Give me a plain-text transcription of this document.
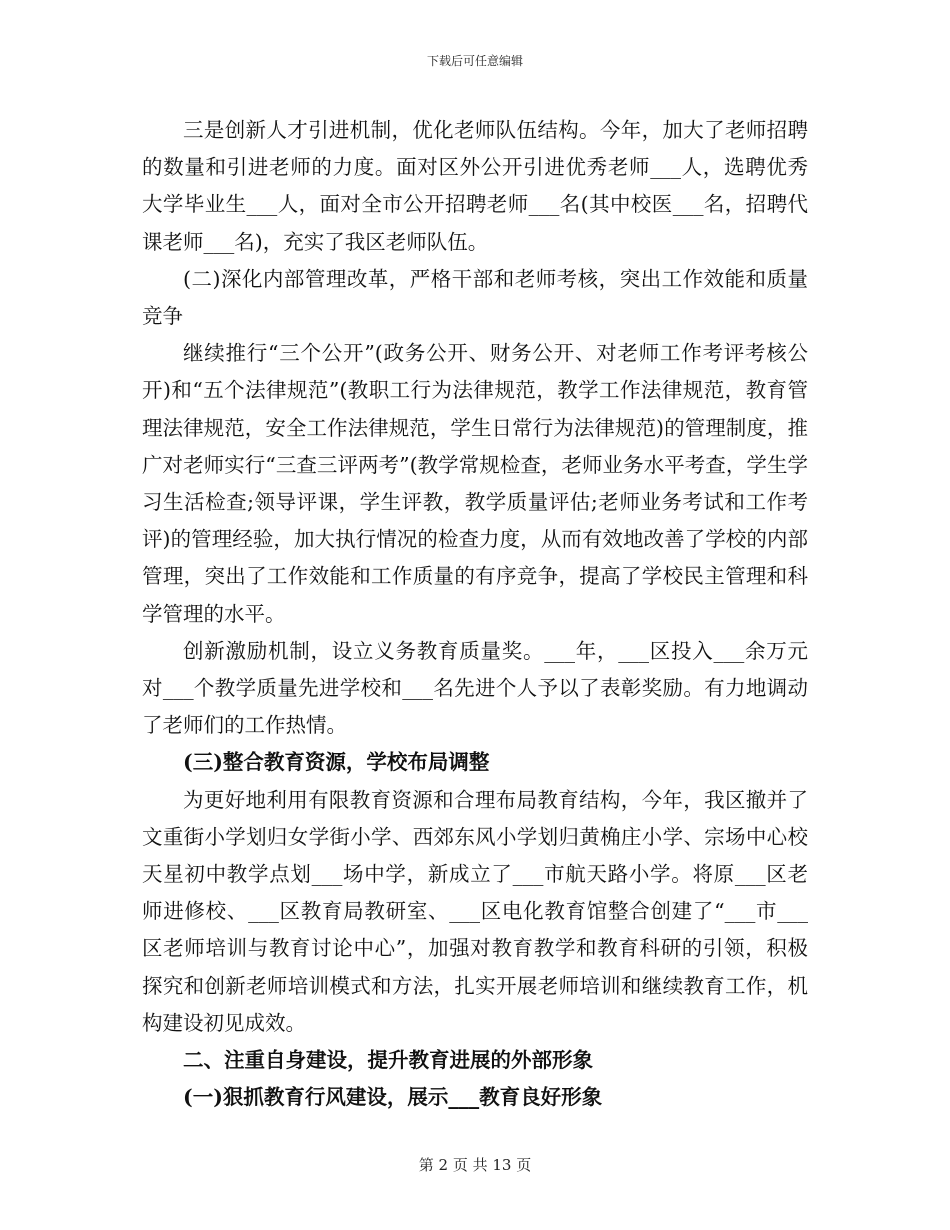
下载后可任意编辑

三是创新人才引进机制，优化老师队伍结构。今年，加大了老师招聘的数量和引进老师的力度。面对区外公开引进优秀老师___人，选聘优秀大学毕业生___人，面对全市公开招聘老师___名(其中校医___名，招聘代课老师___名)，充实了我区老师队伍。

(二)深化内部管理改革，严格干部和老师考核，突出工作效能和质量竞争

继续推行“三个公开”(政务公开、财务公开、对老师工作考评考核公开)和“五个法律规范”(教职工行为法律规范，教学工作法律规范，教育管理法律规范，安全工作法律规范，学生日常行为法律规范)的管理制度，推广对老师实行“三查三评两考”(教学常规检查，老师业务水平考查，学生学习生活检查;领导评课，学生评教，教学质量评估;老师业务考试和工作考评)的管理经验，加大执行情况的检查力度，从而有效地改善了学校的内部管理，突出了工作效能和工作质量的有序竞争，提高了学校民主管理和科学管理的水平。

创新激励机制，设立义务教育质量奖。___年，___区投入___余万元对___个教学质量先进学校和___名先进个人予以了表彰奖励。有力地调动了老师们的工作热情。

(三)整合教育资源，学校布局调整

为更好地利用有限教育资源和合理布局教育结构，今年，我区撤并了文重街小学划归女学街小学、西郊东风小学划归黄桷庄小学、宗场中心校天星初中教学点划___场中学，新成立了___市航天路小学。将原___区老师进修校、___区教育局教研室、___区电化教育馆整合创建了“___市___区老师培训与教育讨论中心”，加强对教育教学和教育科研的引领，积极探究和创新老师培训模式和方法，扎实开展老师培训和继续教育工作，机构建设初见成效。

二、注重自身建设，提升教育进展的外部形象

(一)狠抓教育行风建设，展示___教育良好形象

第 2 页 共 13 页
